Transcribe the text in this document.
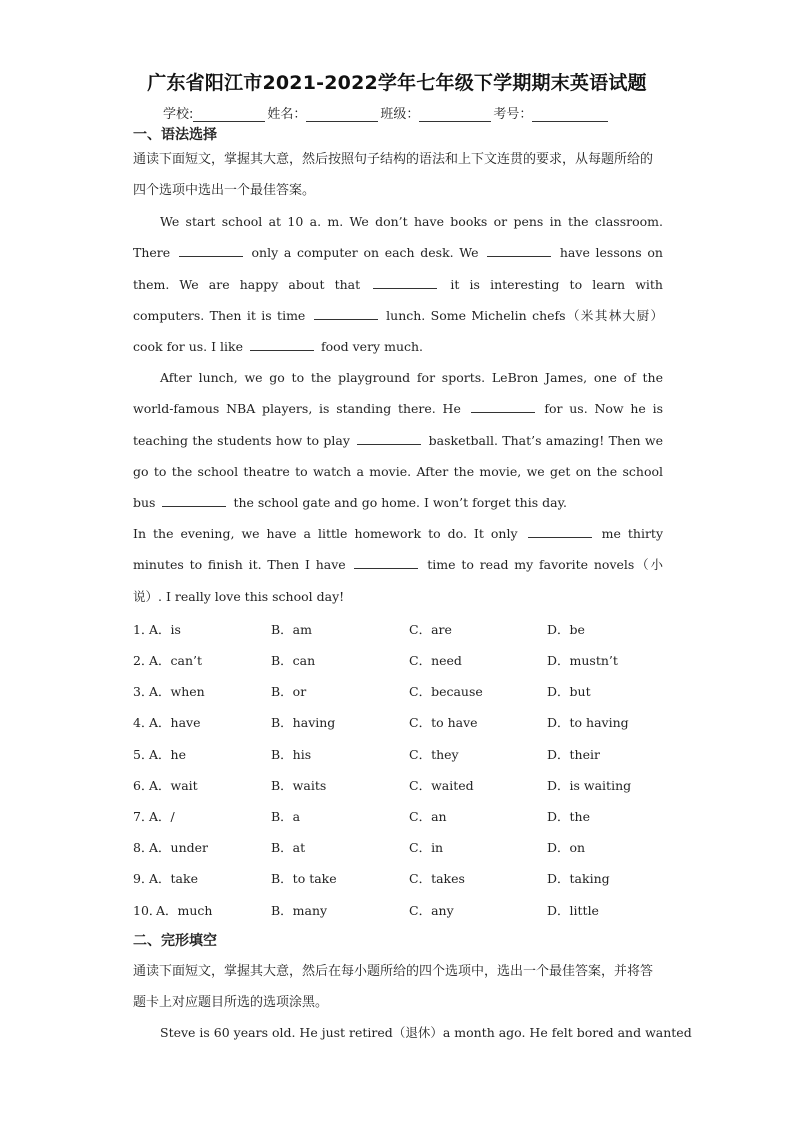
广东省阳江市2021-2022学年七年级下学期期末英语试题
学校:	姓名：	班级：	考号：
一、语法选择
通读下面短文，掌握其大意，然后按照句子结构的语法和上下文连贯的要求，从每题所给的四个选项中选出一个最佳答案。
We start school at 10 a. m. We don’t have books or pens in the classroom. There	only a computer on each desk. We	have lessons on them. We are happy about that	it is interesting to learn with computers. Then it is time	lunch. Some Michelin chefs（米其林大厨）cook for us. I like	food very much.
After lunch, we go to the playground for sports. LeBron James, one of the world-famous NBA players, is standing there. He	for us. Now he is teaching the students how to play	basketball. That’s amazing! Then we go to the school theatre to watch a movie. After the movie, we get on the school bus	the school gate and go home. I won’t forget this day.
In the evening, we have a little homework to do. It only	me thirty minutes to finish it. Then I have	time to read my favorite novels（小说）. I really love this school day!
1．
A．is	B．am	C．are	D．be
2．
A．can’t	B．can	C．need	D．mustn’t
3．
A．when	B．or	C．because	D．but
4．
A．have	B．having	C．to have	D．to having
5．
A．he	B．his	C．they	D．their
6．
A．wait	B．waits	C．waited	D．is waiting
7．
A．/	B．a	C．an	D．the
8．
A．under	B．at	C．in	D．on
9．
A．take	B．to take	C．takes	D．taking
10．
A．much	B．many	C．any	D．little
二、完形填空
通读下面短文，掌握其大意，然后在每小题所给的四个选项中，选出一个最佳答案，并将答题卡上对应题目所选的选项涂黑。
Steve is 60 years old. He just retired（退休）a month ago. He felt bored and wanted
